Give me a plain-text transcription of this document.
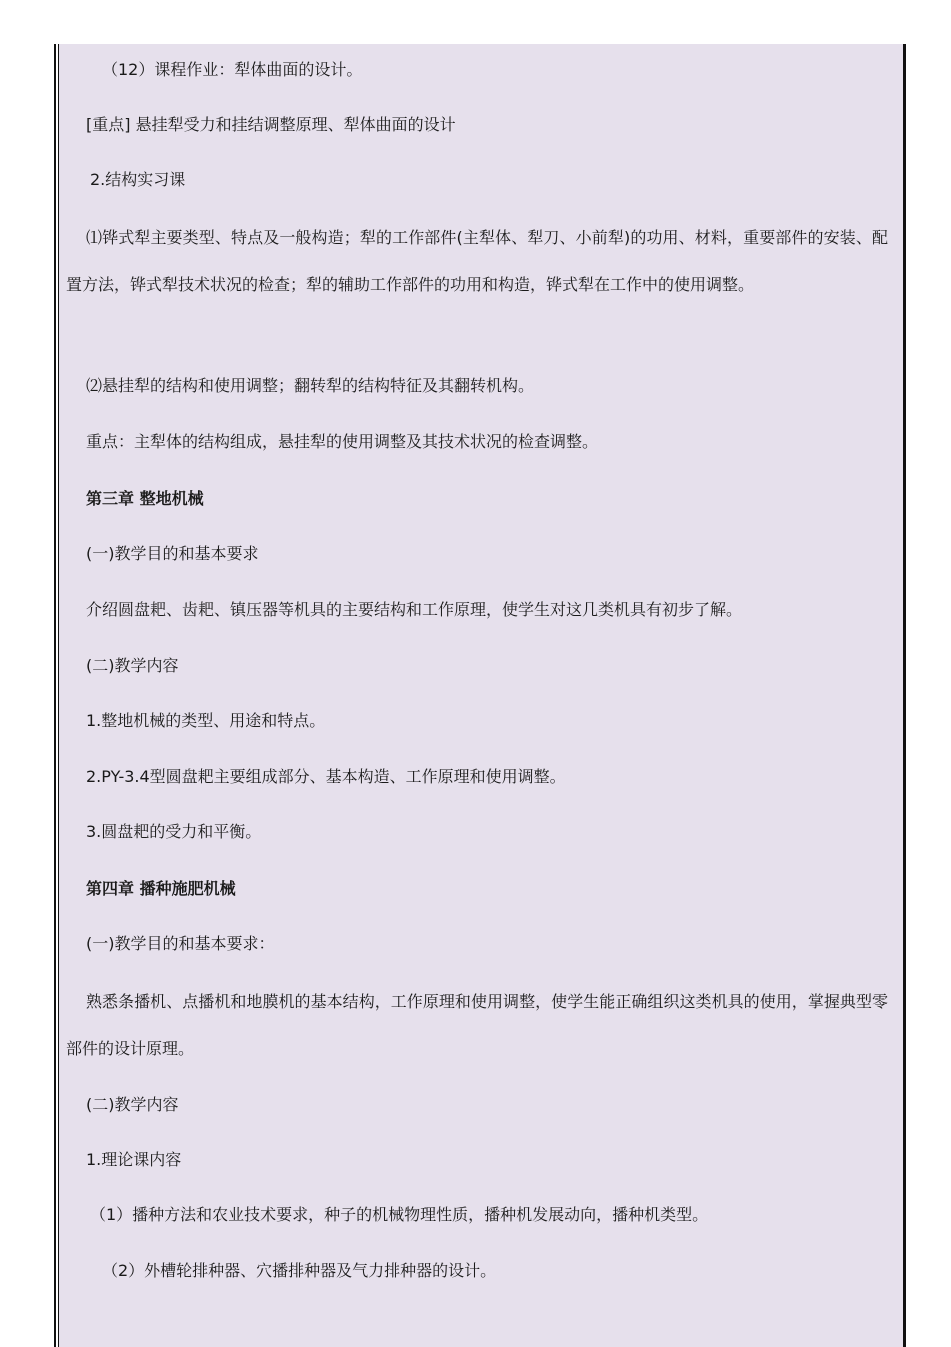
（12）课程作业：犁体曲面的设计。
[重点] 悬挂犁受力和挂结调整原理、犁体曲面的设计
2.结构实习课
⑴铧式犁主要类型、特点及一般构造；犁的工作部件(主犁体、犁刀、小前犁)的功用、材料，重要部件的安装、配置方法，铧式犁技术状况的检查；犁的辅助工作部件的功用和构造，铧式犁在工作中的使用调整。
⑵悬挂犁的结构和使用调整；翻转犁的结构特征及其翻转机构。
重点：主犁体的结构组成，悬挂犁的使用调整及其技术状况的检查调整。
第三章 整地机械
(一)教学目的和基本要求
介绍圆盘耙、齿耙、镇压器等机具的主要结构和工作原理，使学生对这几类机具有初步了解。
(二)教学内容
1.整地机械的类型、用途和特点。
2.PY-3.4型圆盘耙主要组成部分、基本构造、工作原理和使用调整。
3.圆盘耙的受力和平衡。
第四章 播种施肥机械
(一)教学目的和基本要求：
熟悉条播机、点播机和地膜机的基本结构，工作原理和使用调整，使学生能正确组织这类机具的使用，掌握典型零部件的设计原理。
(二)教学内容
1.理论课内容
（1）播种方法和农业技术要求，种子的机械物理性质，播种机发展动向，播种机类型。
（2）外槽轮排种器、穴播排种器及气力排种器的设计。
